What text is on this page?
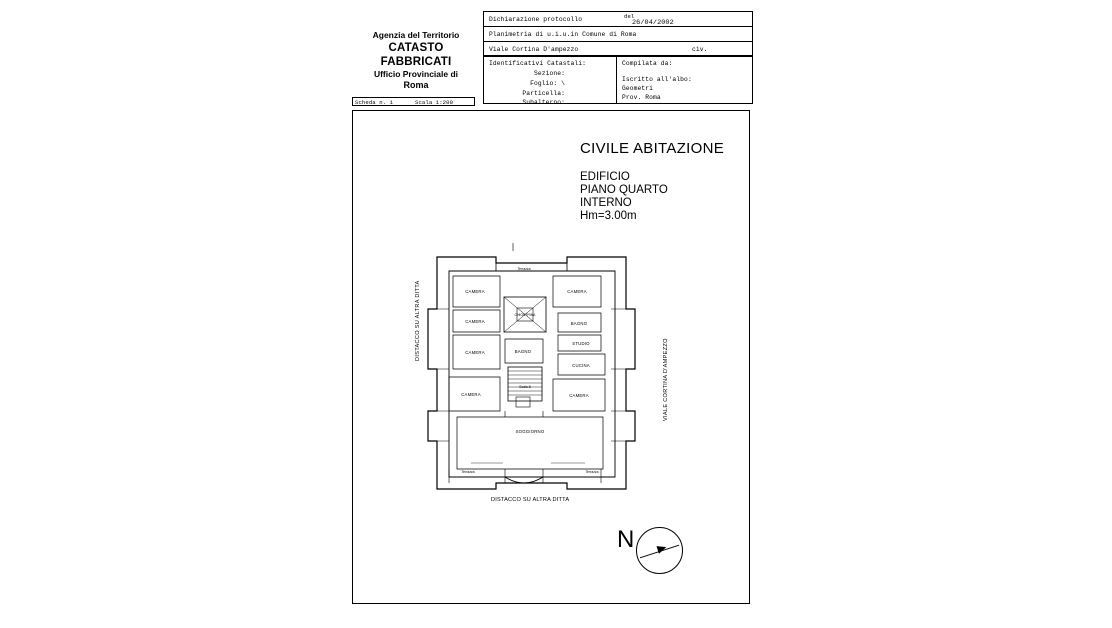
Agenzia del Territorio
CATASTO FABBRICATI
Ufficio Provinciale di
Roma
Dichiarazione protocollo	del
26/04/2002
Planimetria di u.i.u.in Comune di Roma
Viale Cortina D'ampezzo	civ.
Identificativi Catastali:
Sezione:
Foglio: \
Particella:
Subalterno:
Compilata da:
Iscritto all'albo:
Geometri
Prov. Roma
Scheda n. 1	Scala 1:200
CIVILE ABITAZIONE
EDIFICIO
PIANO QUARTO
INTERNO
Hm=3.00m
CAMERA
CAMERA
CAMERA
CAMERA
CAMERA
CAMERA
BAGNO
STUDIO
CUCINA
BAGNO
SOGGIORNO
CHIOSTRINA
Terrazza
Terrazza	Terrazza
Scala B
DISTACCO SU ALTRA DITTA
VIALE CORTINA D'AMPEZZO
DISTACCO SU ALTRA DITTA
N
